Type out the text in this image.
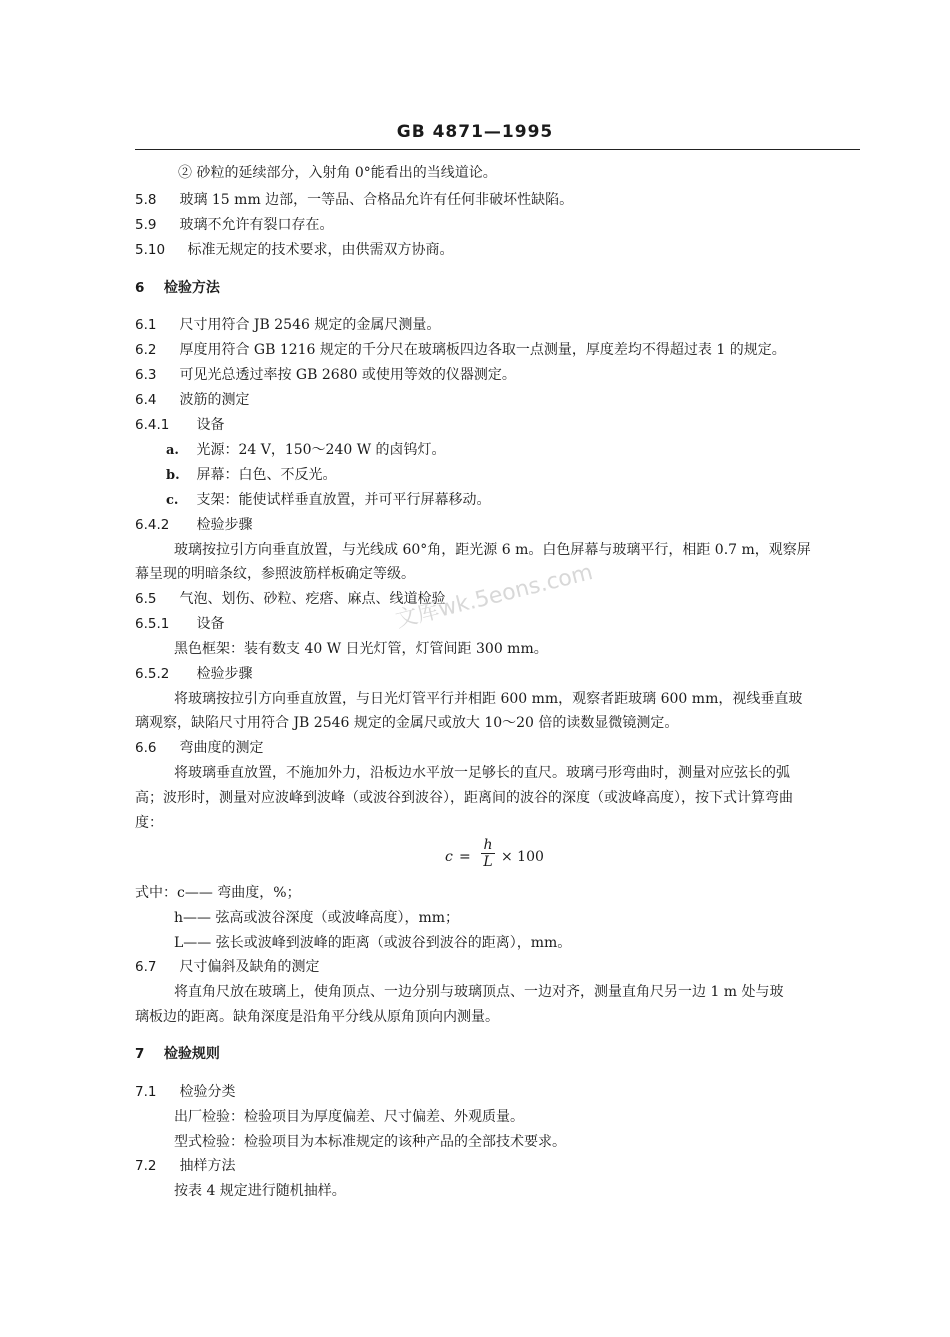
GB 4871—1995
文库wk.5eons.com
② 砂粒的延续部分，入射角 0°能看出的当线道论。
5.8 玻璃 15 mm 边部，一等品、合格品允许有任何非破坏性缺陷。
5.9 玻璃不允许有裂口存在。
5.10 标准无规定的技术要求，由供需双方协商。
6 检验方法
6.1 尺寸用符合 JB 2546 规定的金属尺测量。
6.2 厚度用符合 GB 1216 规定的千分尺在玻璃板四边各取一点测量，厚度差均不得超过表 1 的规定。
6.3 可见光总透过率按 GB 2680 或使用等效的仪器测定。
6.4 波筋的测定
6.4.1 设备
a. 光源：24 V，150～240 W 的卤钨灯。
b. 屏幕：白色、不反光。
c. 支架：能使试样垂直放置，并可平行屏幕移动。
6.4.2 检验步骤
玻璃按拉引方向垂直放置，与光线成 60°角，距光源 6 m。白色屏幕与玻璃平行，相距 0.7 m，观察屏
幕呈现的明暗条纹，参照波筋样板确定等级。
6.5 气泡、划伤、砂粒、疙瘩、麻点、线道检验
6.5.1 设备
黑色框架：装有数支 40 W 日光灯管，灯管间距 300 mm。
6.5.2 检验步骤
将玻璃按拉引方向垂直放置，与日光灯管平行并相距 600 mm，观察者距玻璃 600 mm，视线垂直玻
璃观察，缺陷尺寸用符合 JB 2546 规定的金属尺或放大 10～20 倍的读数显微镜测定。
6.6 弯曲度的测定
将玻璃垂直放置，不施加外力，沿板边水平放一足够长的直尺。玻璃弓形弯曲时，测量对应弦长的弧
高；波形时，测量对应波峰到波峰（或波谷到波谷），距离间的波谷的深度（或波峰高度），按下式计算弯曲
度：
c =
h
L × 100
式中：c—— 弯曲度，%；
h—— 弦高或波谷深度（或波峰高度），mm；
L—— 弦长或波峰到波峰的距离（或波谷到波谷的距离），mm。
6.7 尺寸偏斜及缺角的测定
将直角尺放在玻璃上，使角顶点、一边分别与玻璃顶点、一边对齐，测量直角尺另一边 1 m 处与玻
璃板边的距离。缺角深度是沿角平分线从原角顶向内测量。
7 检验规则
7.1 检验分类
出厂检验：检验项目为厚度偏差、尺寸偏差、外观质量。
型式检验：检验项目为本标准规定的该种产品的全部技术要求。
7.2 抽样方法
按表 4 规定进行随机抽样。
